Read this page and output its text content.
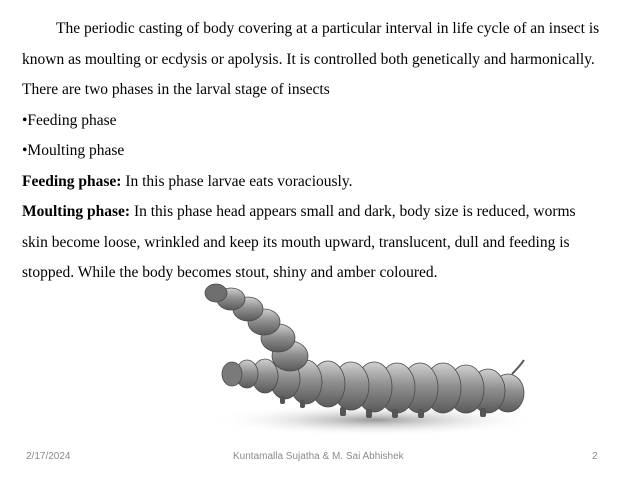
The periodic casting of body covering at a particular interval in life cycle of an insect is

known as moulting or ecdysis or apolysis. It is controlled both genetically and harmonically.

There are two phases in the larval stage of insects

•Feeding phase

•Moulting phase

Feeding phase: In this phase larvae eats voraciously.

Moulting phase: In this phase head appears small and dark, body size is reduced, worms

skin become loose, wrinkled and keep its mouth upward, translucent, dull and feeding is

stopped. While the body becomes stout, shiny and amber coloured.

2/17/2024	Kuntamalla Sujatha & M. Sai Abhishek	2
